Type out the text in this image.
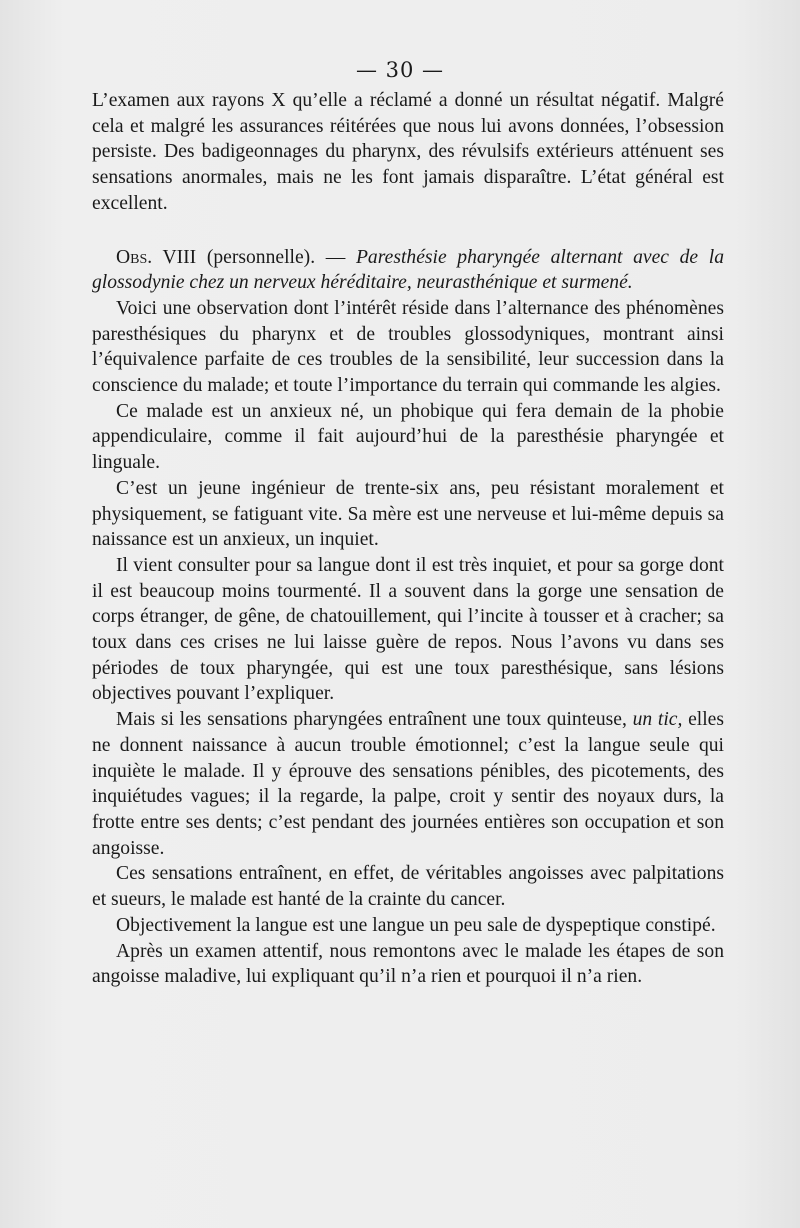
— 30 —

L’examen aux rayons X qu’elle a réclamé a donné un résultat négatif. Malgré cela et malgré les assurances réitérées que nous lui avons données, l’obsession persiste. Des badigeonnages du pharynx, des révulsifs extérieurs atténuent ses sensations anormales, mais ne les font jamais disparaître. L’état général est excellent.

Obs. VIII (personnelle). — Paresthésie pharyngée alternant avec de la glossodynie chez un nerveux héréditaire, neurasthénique et surmené.

Voici une observation dont l’intérêt réside dans l’alternance des phénomènes paresthésiques du pharynx et de troubles glossodyniques, montrant ainsi l’équivalence parfaite de ces troubles de la sensibilité, leur succession dans la conscience du malade; et toute l’importance du terrain qui commande les algies.

Ce malade est un anxieux né, un phobique qui fera demain de la phobie appendiculaire, comme il fait aujourd’hui de la paresthésie pharyngée et linguale.

C’est un jeune ingénieur de trente-six ans, peu résistant moralement et physiquement, se fatiguant vite. Sa mère est une nerveuse et lui-même depuis sa naissance est un anxieux, un inquiet.

Il vient consulter pour sa langue dont il est très inquiet, et pour sa gorge dont il est beaucoup moins tourmenté. Il a souvent dans la gorge une sensation de corps étranger, de gêne, de chatouillement, qui l’incite à tousser et à cracher; sa toux dans ces crises ne lui laisse guère de repos. Nous l’avons vu dans ses périodes de toux pharyngée, qui est une toux paresthésique, sans lésions objectives pouvant l’expliquer.

Mais si les sensations pharyngées entraînent une toux quinteuse, un tic, elles ne donnent naissance à aucun trouble émotionnel; c’est la langue seule qui inquiète le malade. Il y éprouve des sensations pénibles, des picotements, des inquiétudes vagues; il la regarde, la palpe, croit y sentir des noyaux durs, la frotte entre ses dents; c’est pendant des journées entières son occupation et son angoisse.

Ces sensations entraînent, en effet, de véritables angoisses avec palpitations et sueurs, le malade est hanté de la crainte du cancer.

Objectivement la langue est une langue un peu sale de dyspeptique constipé.

Après un examen attentif, nous remontons avec le malade les étapes de son angoisse maladive, lui expliquant qu’il n’a rien et pourquoi il n’a rien.
